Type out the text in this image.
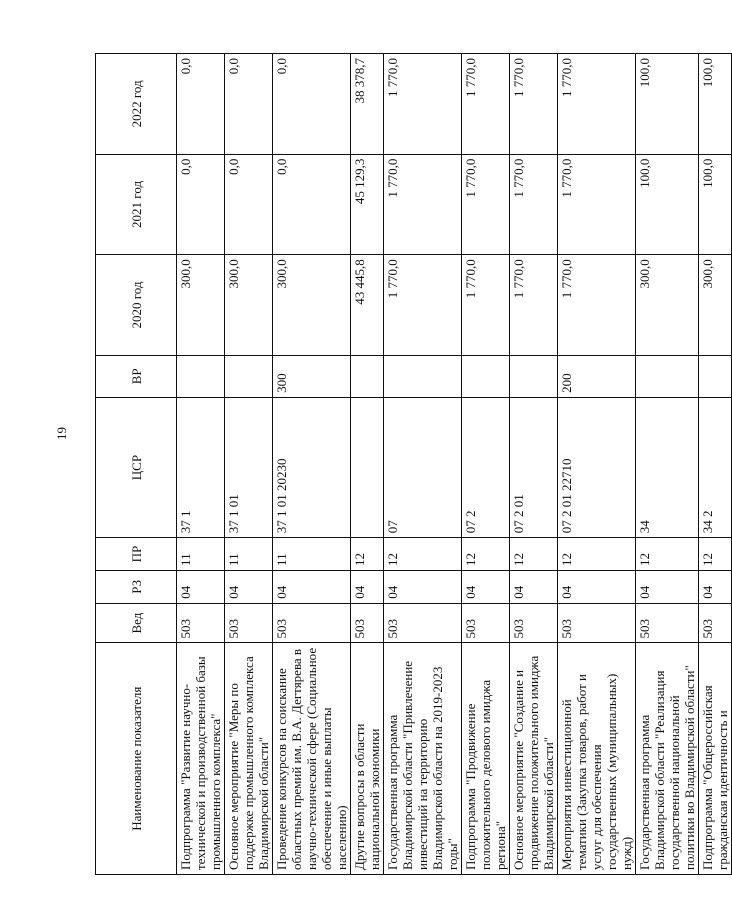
19
Наименование показателя	Вед	РЗ	ПР	ЦСР	ВР	2020 год	2021 год	2022 год
Подпрограмма "Развитие научно-технической и производственной базы промышленного комплекса"	503	04	11	37 1		300,0	0,0	0,0
Основное мероприятие "Меры по поддержке промышленного комплекса Владимирской области"	503	04	11	37 1 01		300,0	0,0	0,0
Проведение конкурсов на соискание областных премий им. В.А. Дегтярева в научно-технической сфере (Социальное обеспечение и иные выплаты населению)	503	04	11	37 1 01 20230	300	300,0	0,0	0,0
Другие вопросы в области национальной экономики	503	04	12			43 445,8	45 129,3	38 378,7
Государственная программа Владимирской области "Привлечение инвестиций на территорию Владимирской области на 2019-2023 годы"	503	04	12	07		1 770,0	1 770,0	1 770,0
Подпрограмма "Продвижение положительного делового имиджа региона"	503	04	12	07 2		1 770,0	1 770,0	1 770,0
Основное мероприятие "Создание и продвижение положительного имиджа Владимирской области"	503	04	12	07 2 01		1 770,0	1 770,0	1 770,0
Мероприятия инвестиционной тематики (Закупка товаров, работ и услуг для обеспечения государственных (муниципальных) нужд)	503	04	12	07 2 01 22710	200	1 770,0	1 770,0	1 770,0
Государственная программа Владимирской области "Реализация государственной национальной политики во Владимирской области"	503	04	12	34		300,0	100,0	100,0
Подпрограмма "Общероссийская гражданская идентичность и	503	04	12	34 2		300,0	100,0	100,0
